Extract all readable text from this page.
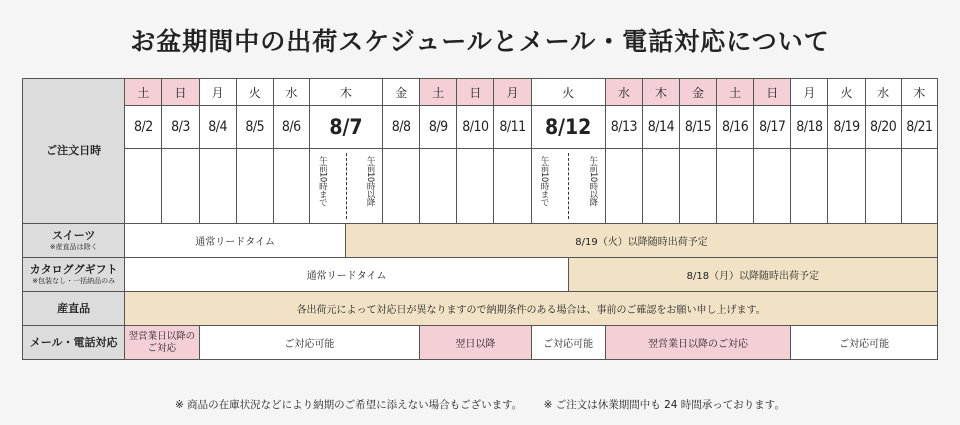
お盆期間中の出荷スケジュールとメール・電話対応について
ご注文日時	土	日	月	火	水	木		金	土	日	月	火		水	木	金	土	日	月	火	水	木
	8/2	8/3	8/4	8/5	8/6	8/7		8/8	8/9	8/10	8/11	8/12		8/13	8/14	8/15	8/16	8/17	8/18	8/19	8/20	8/21

						午前10時まで 午前10時以降						午前10時まで 午前10時以降										

スイーツ
※産直品は除く	通常リードタイム						8/19（火）以降随時出荷予定															
カタロググギフト
※包装なし・一括納品のみ	通常リードタイム												8/18（月）以降随時出荷予定									
産直品	各出荷元によって対応日が異なりますので納期条件のある場合は、事前のご確認をお願い申し上げます。																					
メール・電話対応	翌営業日以降のご対応		ご対応可能						翌日以降			ご対応可能		翌営業日以降のご対応					ご対応可能			
※ 商品の在庫状況などにより納期のご希望に添えない場合もございます。 ※ ご注文は休業期間中も 24 時間承っております。
